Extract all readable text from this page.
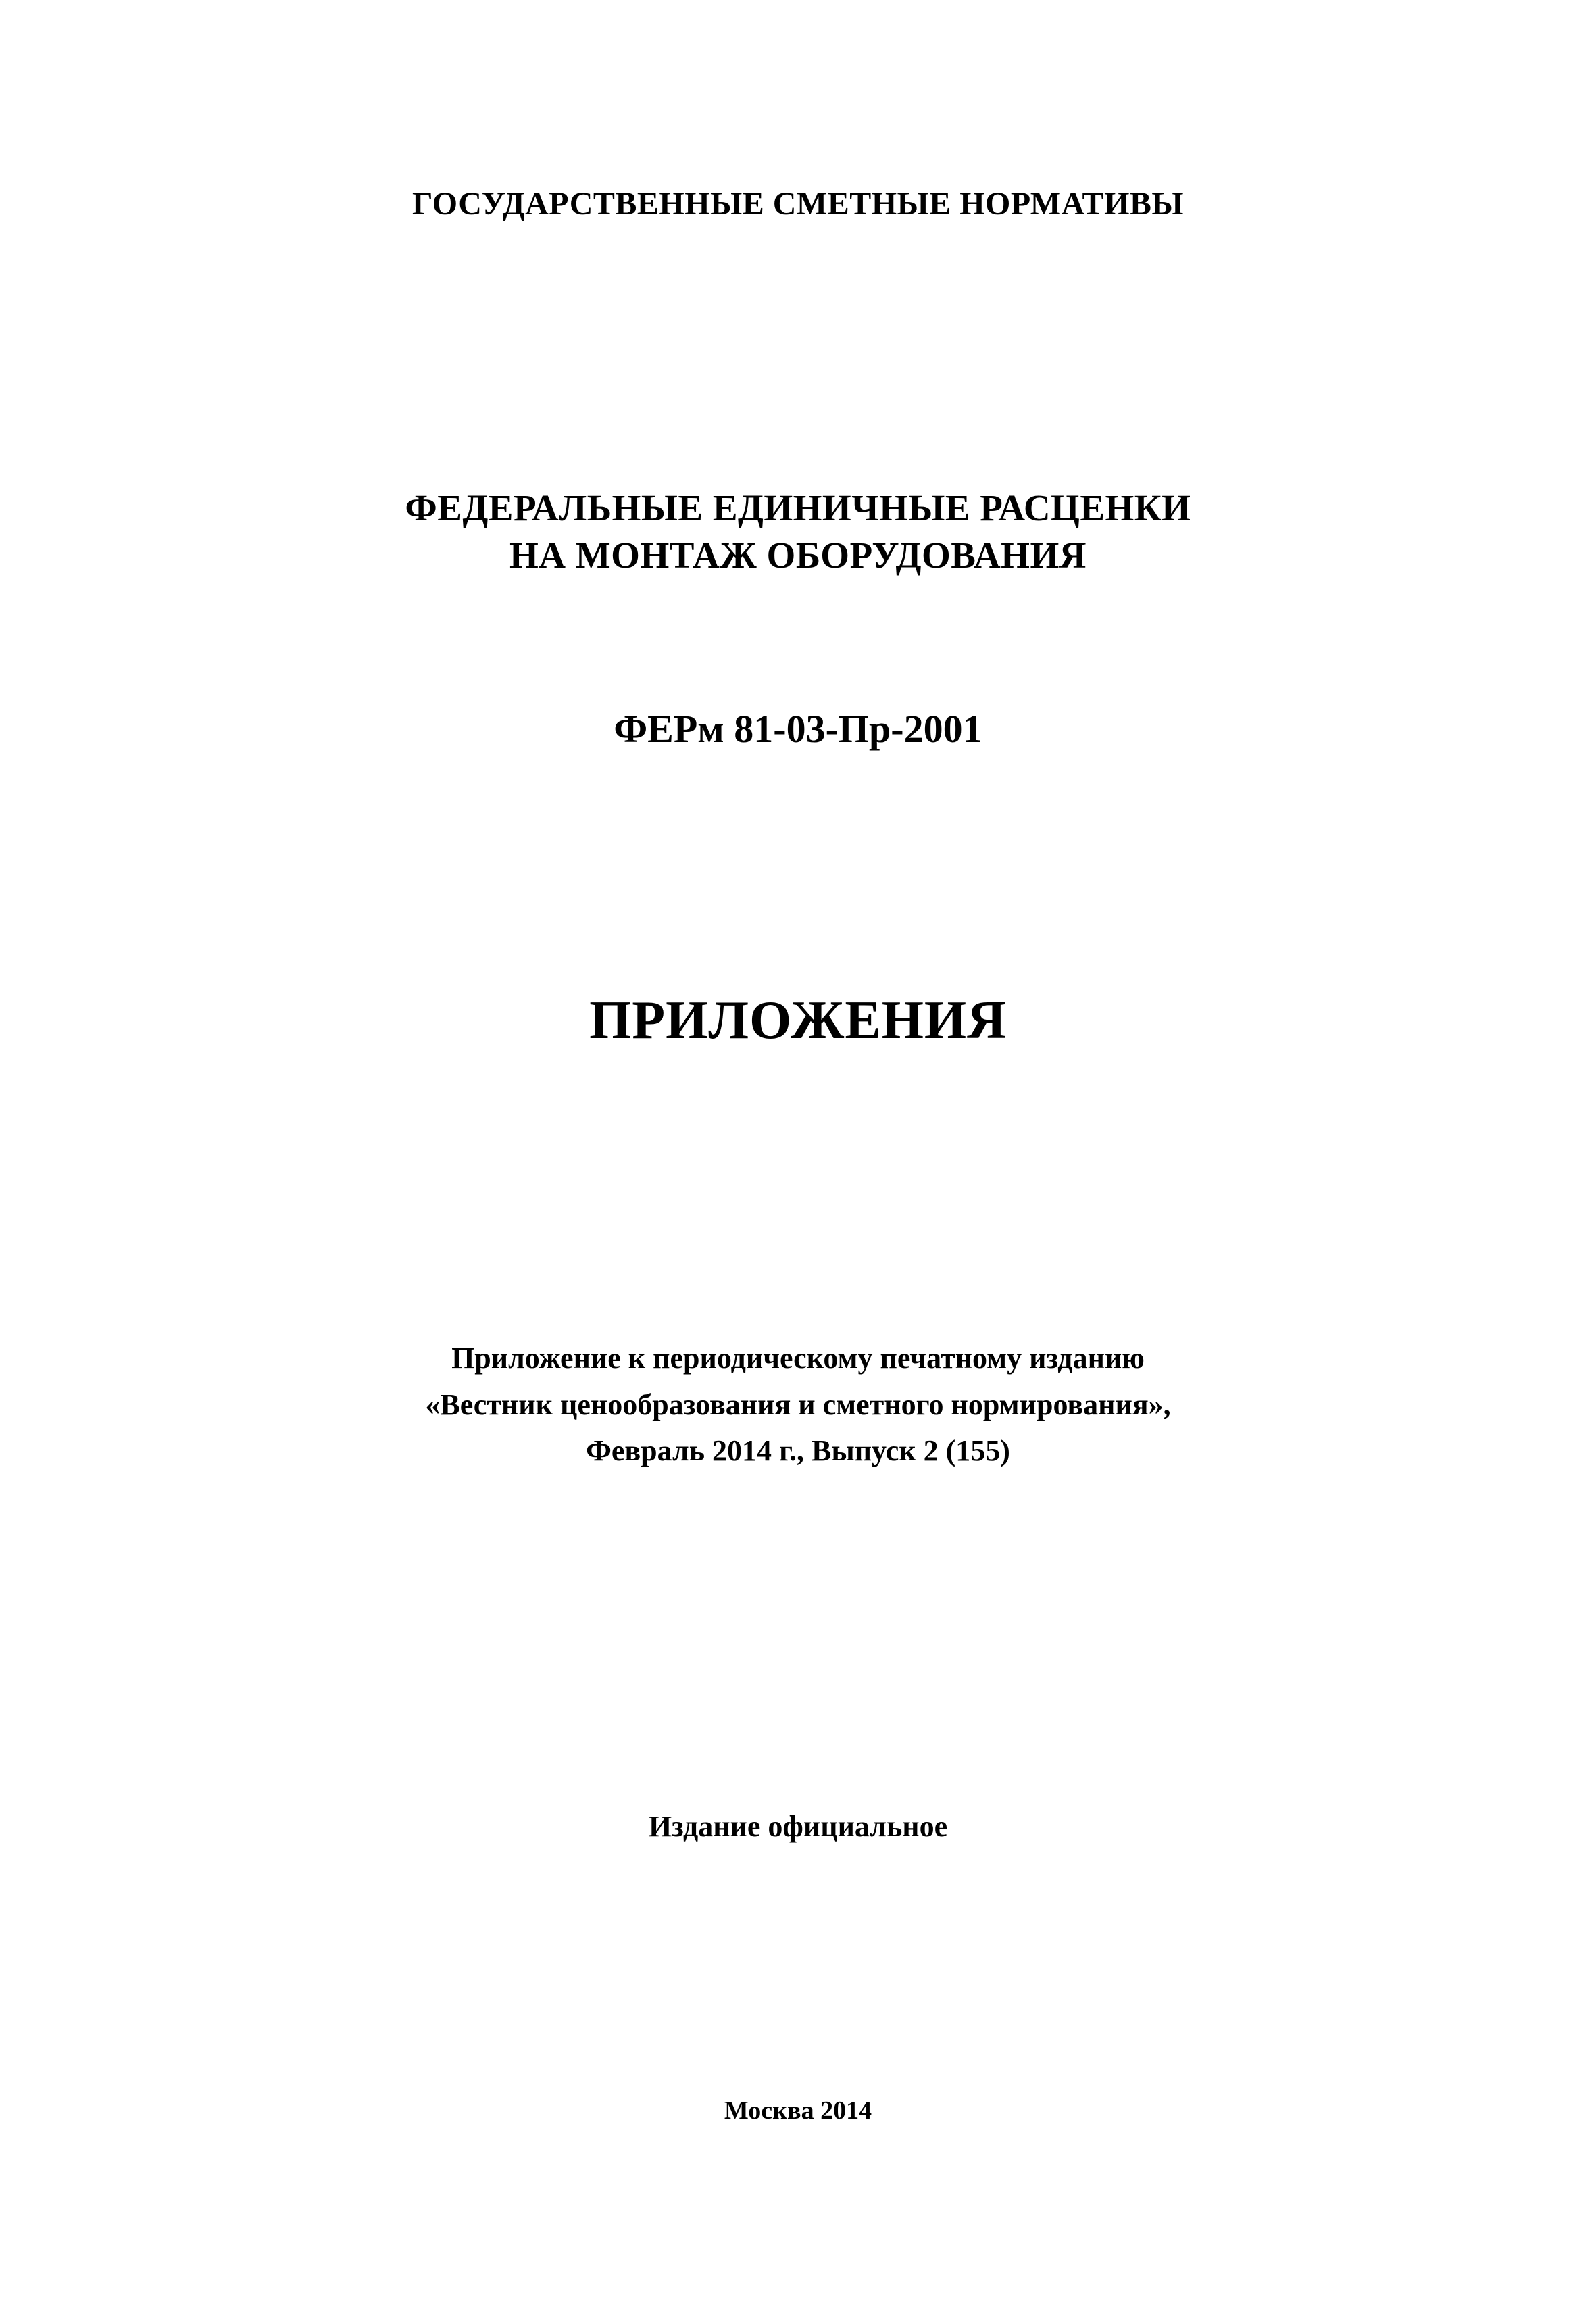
ГОСУДАРСТВЕННЫЕ СМЕТНЫЕ НОРМАТИВЫ
ФЕДЕРАЛЬНЫЕ ЕДИНИЧНЫЕ РАСЦЕНКИ
НА МОНТАЖ ОБОРУДОВАНИЯ
ФЕРм 81-03-Пр-2001
ПРИЛОЖЕНИЯ
Приложение к периодическому печатному изданию
«Вестник ценообразования и сметного нормирования»,
Февраль 2014 г., Выпуск 2 (155)
Издание официальное
Москва 2014
